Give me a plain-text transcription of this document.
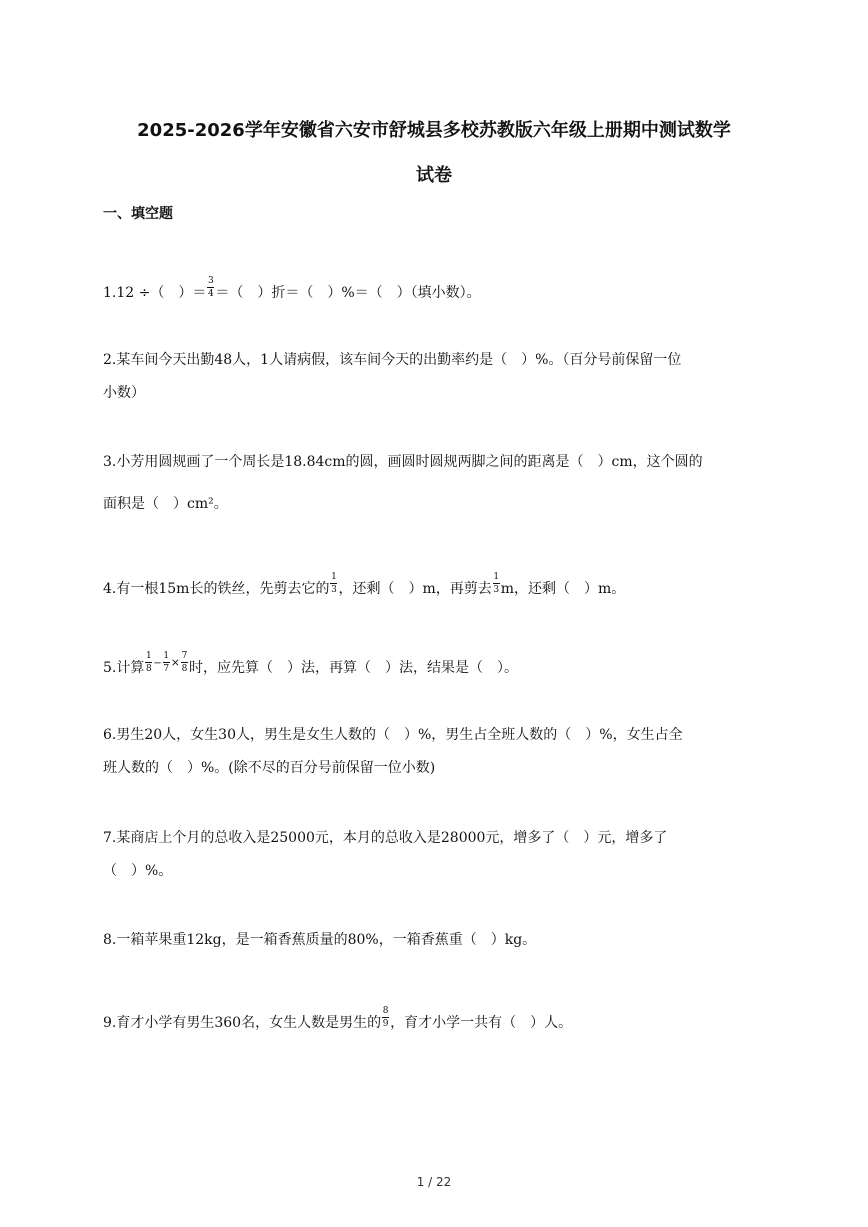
2025-2026学年安徽省六安市舒城县多校苏教版六年级上册期中测试数学
试卷
一、填空题
1.12 ÷（　）＝ $\frac{3}{4}$ ＝（　）折＝（　）%＝（　）（填小数）。
2.某车间今天出勤48人，1人请病假，该车间今天的出勤率约是（　）%。（百分号前保留一位
小数）
3.小芳用圆规画了一个周长是18.84cm的圆，画圆时圆规两脚之间的距离是（　）cm，这个圆的
面积是（　）cm²。
4.有一根15m长的铁丝，先剪去它的 $\frac{1}{3}$ ，还剩（　）m，再剪去 $\frac{1}{3}$ m，还剩（　）m。
5.计算 $\frac{1}{8} ^- \frac{1}{7} ^\times \frac{7}{8}$ 时，应先算（　）法，再算（　）法，结果是（　）。
6.男生20人，女生30人，男生是女生人数的（　）%，男生占全班人数的（　）%，女生占全
班人数的（　）%。(除不尽的百分号前保留一位小数)
7.某商店上个月的总收入是25000元，本月的总收入是28000元，增多了（　）元，增多了
（　）%。
8.一箱苹果重12kg，是一箱香蕉质量的80%，一箱香蕉重（　）kg。
9.育才小学有男生360名，女生人数是男生的 $\frac{8}{9}$ ，育才小学一共有（　）人。
1 / 22
